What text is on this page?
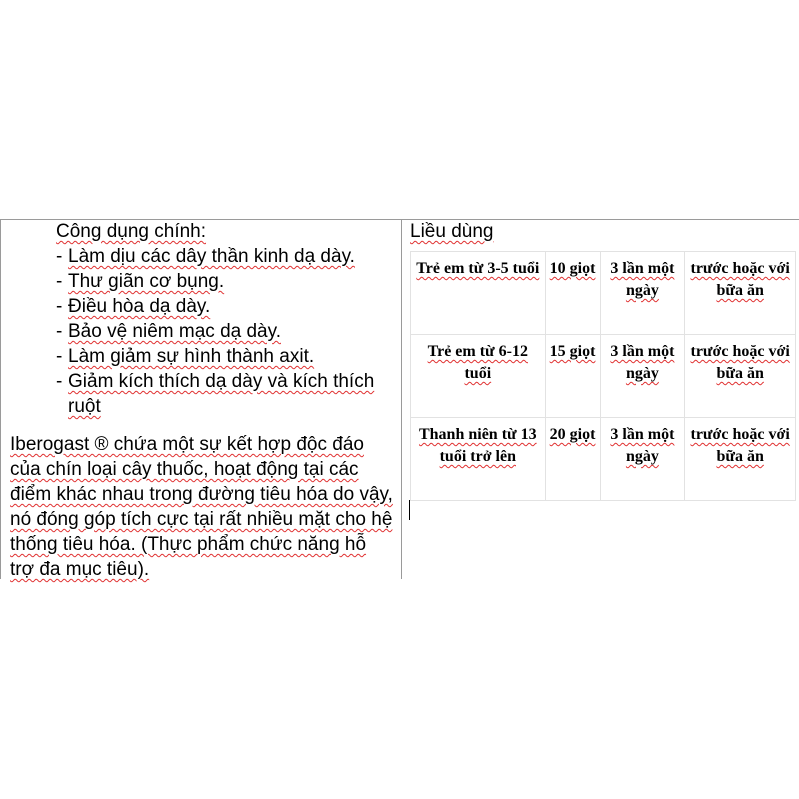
Công dụng chính:
- Làm dịu các dây thần kinh dạ dày.
- Thư giãn cơ bụng.
- Điều hòa dạ dày.
- Bảo vệ niêm mạc dạ dày.
- Làm giảm sự hình thành axit.
- Giảm kích thích dạ dày và kích thích ruột

Iberogast ® chứa một sự kết hợp độc đáo của chín loại cây thuốc, hoạt động tại các điểm khác nhau trong đường tiêu hóa do vậy, nó đóng góp tích cực tại rất nhiều mặt cho hệ thống tiêu hóa. (Thực phẩm chức năng hỗ trợ đa mục tiêu).

Liều dùng
Trẻ em từ 3-5 tuổi	10 giọt	3 lần một ngày	trước hoặc với bữa ăn
Trẻ em từ 6-12 tuổi	15 giọt	3 lần một ngày	trước hoặc với bữa ăn
Thanh niên từ 13 tuổi trở lên	20 giọt	3 lần một ngày	trước hoặc với bữa ăn
